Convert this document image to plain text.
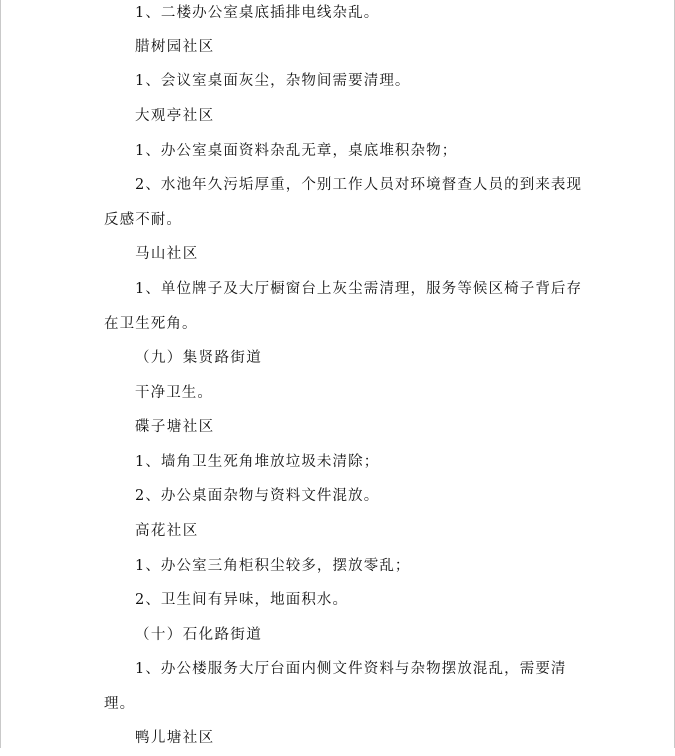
1、二楼办公室桌底插排电线杂乱。

腊树园社区

1、会议室桌面灰尘，杂物间需要清理。

大观亭社区

1、办公室桌面资料杂乱无章，桌底堆积杂物；

2、水池年久污垢厚重，个别工作人员对环境督查人员的到来表现反感不耐。

马山社区

1、单位牌子及大厅橱窗台上灰尘需清理，服务等候区椅子背后存在卫生死角。

（九）集贤路街道

干净卫生。

碟子塘社区

1、墙角卫生死角堆放垃圾未清除；

2、办公桌面杂物与资料文件混放。

高花社区

1、办公室三角柜积尘较多，摆放零乱；

2、卫生间有异味，地面积水。

（十）石化路街道

1、办公楼服务大厅台面内侧文件资料与杂物摆放混乱，需要清理。

鸭儿塘社区
